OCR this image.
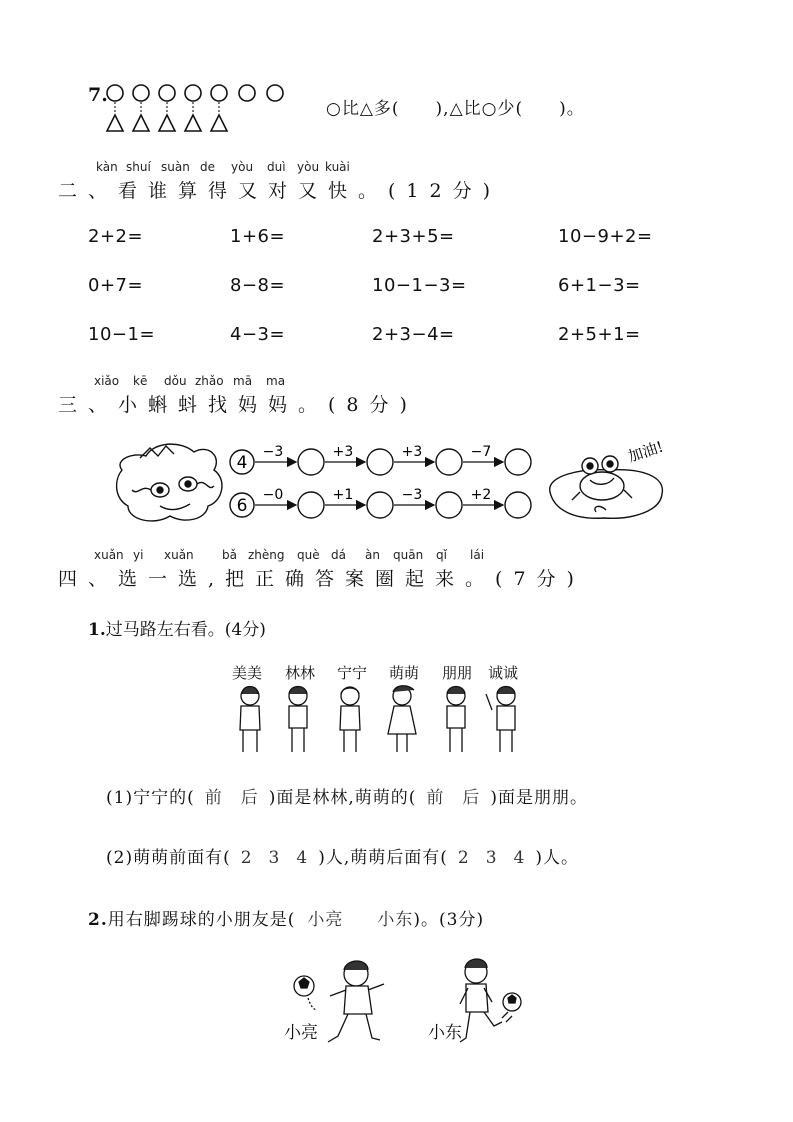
7.
○比△多(　　),△比○少(　　)。
kàn shuí suàn de yòu duì yòu kuài
二、看谁算得又对又快。(12分)
2+2=	1+6=	2+3+5=	10−9+2=
0+7=	8−8=	10−1−3=	6+1−3=
10−1=	4−3=	2+3−4=	2+5+1=
xiǎo kē dǒu zhǎo mā ma
三、小蝌蚪找妈妈。(8分)
4
−3	+3	+3	−7
6
−0	+1	−3	+2
加油!
xuǎn yi xuǎn bǎ zhèng què dá àn quān qǐ lái
四、选一选,把正确答案圈起来。(7分)
1.过马路左右看。(4分)
美美 林林 宁宁 萌萌 朋朋 诚诚
(1)宁宁的( 前 后 )面是林林,萌萌的( 前 后 )面是朋朋。
(2)萌萌前面有( 2 3 4 )人,萌萌后面有( 2 3 4 )人。
2.用右脚踢球的小朋友是( 小亮 小东)。(3分)
小亮	小东
